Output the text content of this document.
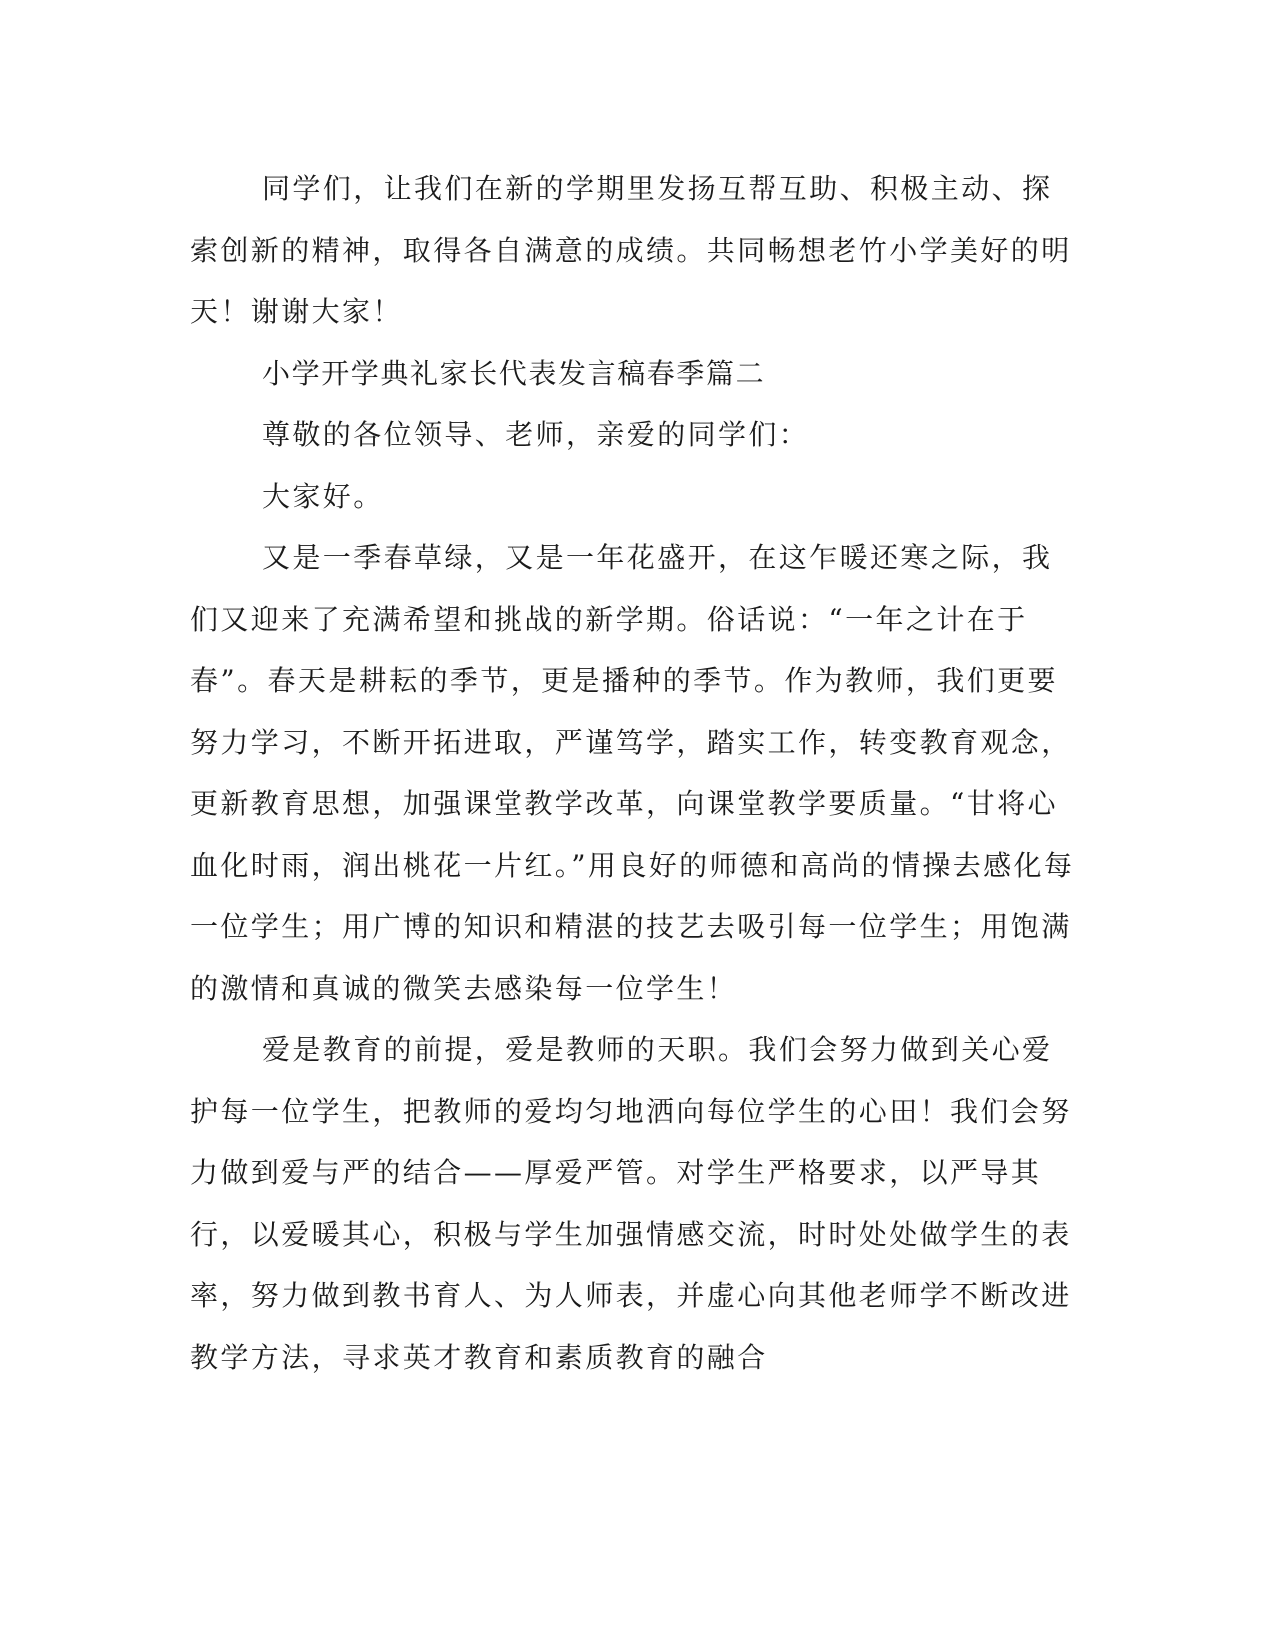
同学们，让我们在新的学期里发扬互帮互助、积极主动、探索创新的精神，取得各自满意的成绩。共同畅想老竹小学美好的明天！谢谢大家！

小学开学典礼家长代表发言稿春季篇二

尊敬的各位领导、老师，亲爱的同学们：

大家好。

又是一季春草绿，又是一年花盛开，在这乍暖还寒之际，我们又迎来了充满希望和挑战的新学期。俗话说：“一年之计在于春”。春天是耕耘的季节，更是播种的季节。作为教师，我们更要努力学习，不断开拓进取，严谨笃学，踏实工作，转变教育观念，更新教育思想，加强课堂教学改革，向课堂教学要质量。“甘将心血化时雨，润出桃花一片红。”用良好的师德和高尚的情操去感化每一位学生；用广博的知识和精湛的技艺去吸引每一位学生；用饱满的激情和真诚的微笑去感染每一位学生！

爱是教育的前提，爱是教师的天职。我们会努力做到关心爱护每一位学生，把教师的爱均匀地洒向每位学生的心田！我们会努力做到爱与严的结合——厚爱严管。对学生严格要求，以严导其行，以爱暖其心，积极与学生加强情感交流，时时处处做学生的表率，努力做到教书育人、为人师表，并虚心向其他老师学不断改进教学方法，寻求英才教育和素质教育的融合
